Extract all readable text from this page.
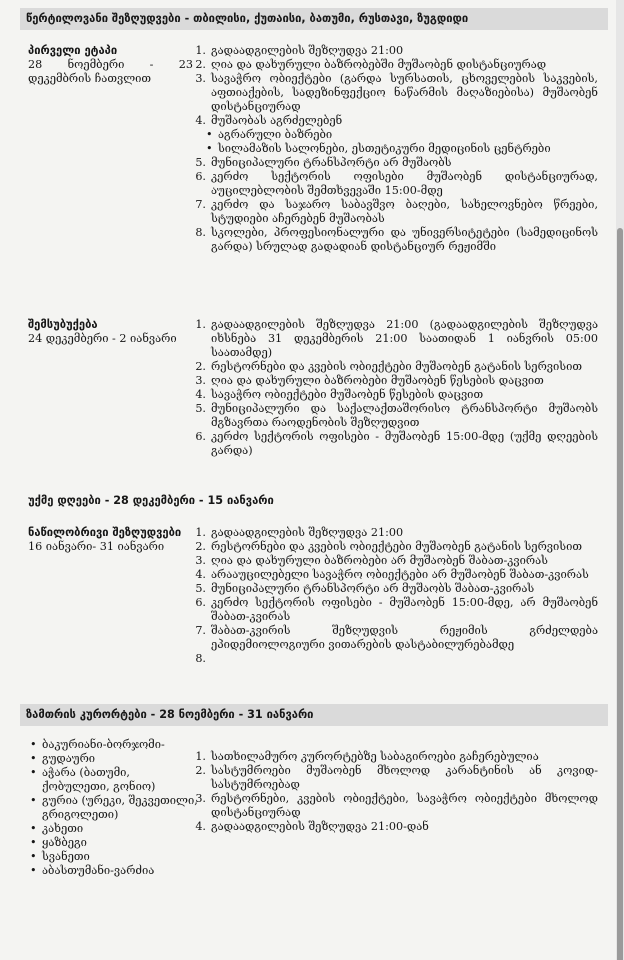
წერტილოვანი შეზღუდვები - თბილისი, ქუთაისი, ბათუმი, რუსთავი, ზუგდიდი
პირველი ეტაპი
28 ნოემბერი - 23 დეკემბრის ჩათვლით
1. გადაადგილების შეზღუდვა 21:00
2. ღია და დახურული ბაზრობებში მუშაობენ დისტანციურად
3. სავაჭრო ობიექტები (გარდა სურსათის, ცხოველების საკვების, აფთიაქების, სადეზინფექციო ნაწარმის მაღაზიებისა) მუშაობენ დისტანციურად
4. მუშაობას აგრძელებენ
• აგრარული ბაზრები
• სილამაზის სალონები, ესთეტიკური მედიცინის ცენტრები
5. მუნიციპალური ტრანსპორტი არ მუშაობს
6. კერძო სექტორის ოფისები მუშაობენ დისტანციურად, აუცილებლობის შემთხვევაში 15:00-მდე
7. კერძო და საჯარო საბავშვო ბაღები, სახელოვნებო წრეები, სტუდიები აჩერებენ მუშაობას
8. სკოლები, პროფესიონალური და უნივერსიტეტები (სამედიცინოს გარდა) სრულად გადადიან დისტანციურ რეჟიმში
შემსუბუქება
24 დეკემბერი - 2 იანვარი
1. გადაადგილების შეზღუდვა 21:00 (გადაადგილების შეზღუდვა იხსნება 31 დეკემბერის 21:00 საათიდან 1 იანვრის 05:00 საათამდე)
2. რესტორნები და კვების ობიექტები მუშაობენ გატანის სერვისით
3. ღია და დახურული ბაზრობები მუშაობენ წესების დაცვით
4. სავაჭრო ობიექტები მუშაობენ წესების დაცვით
5. მუნიციპალური და საქალაქთაშორისო ტრანსპორტი მუშაობს მგზავრთა რაოდენობის შეზღუდვით
6. კერძო სექტორის ოფისები - მუშაობენ 15:00-მდე (უქმე დღეების გარდა)
უქმე დღეები - 28 დეკემბერი - 15 იანვარი
ნაწილობრივი შეზღუდვები
16 იანვარი- 31 იანვარი
1. გადაადგილების შეზღუდვა 21:00
2. რესტორნები და კვების ობიექტები მუშაობენ გატანის სერვისით
3. ღია და დახურული ბაზრობები არ მუშაობენ შაბათ-კვირას
4. არააუცილებელი სავაჭრო ობიექტები არ მუშაობენ შაბათ-კვირას
5. მუნიციპალური ტრანსპორტი არ მუშაობს შაბათ-კვირას
6. კერძო სექტორის ოფისები - მუშაობენ 15:00-მდე, არ მუშაობენ შაბათ-კვირას
7. შაბათ-კვირის შეზღუდვის რეჟიმის გრძელდება ეპიდემიოლოგიური ვითარების დასტაბილურებამდე
8.
ზამთრის კურორტები - 28 ნოემბერი - 31 იანვარი
• ბაკურიანი-ბორჯომი-
• გუდაური
• აჭარა (ბათუმი, ქობულეთი, გონიო)
• გურია (ურეკი, შეკვეთილი, გრიგოლეთი)
• კახეთი
• ყაზბეგი
• სვანეთი
• აბასთუმანი-ვარძია
1. სათხილამურო კურორტებზე საბაგიროები გაჩერებულია
2. სასტუმროები მუშაობენ მხოლოდ კარანტინის ან კოვიდ-სასტუმროებად
3. რესტორნები, კვების ობიექტები, სავაჭრო ობიექტები მხოლოდ დისტანციურად
4. გადაადგილების შეზღუდვა 21:00-დან
